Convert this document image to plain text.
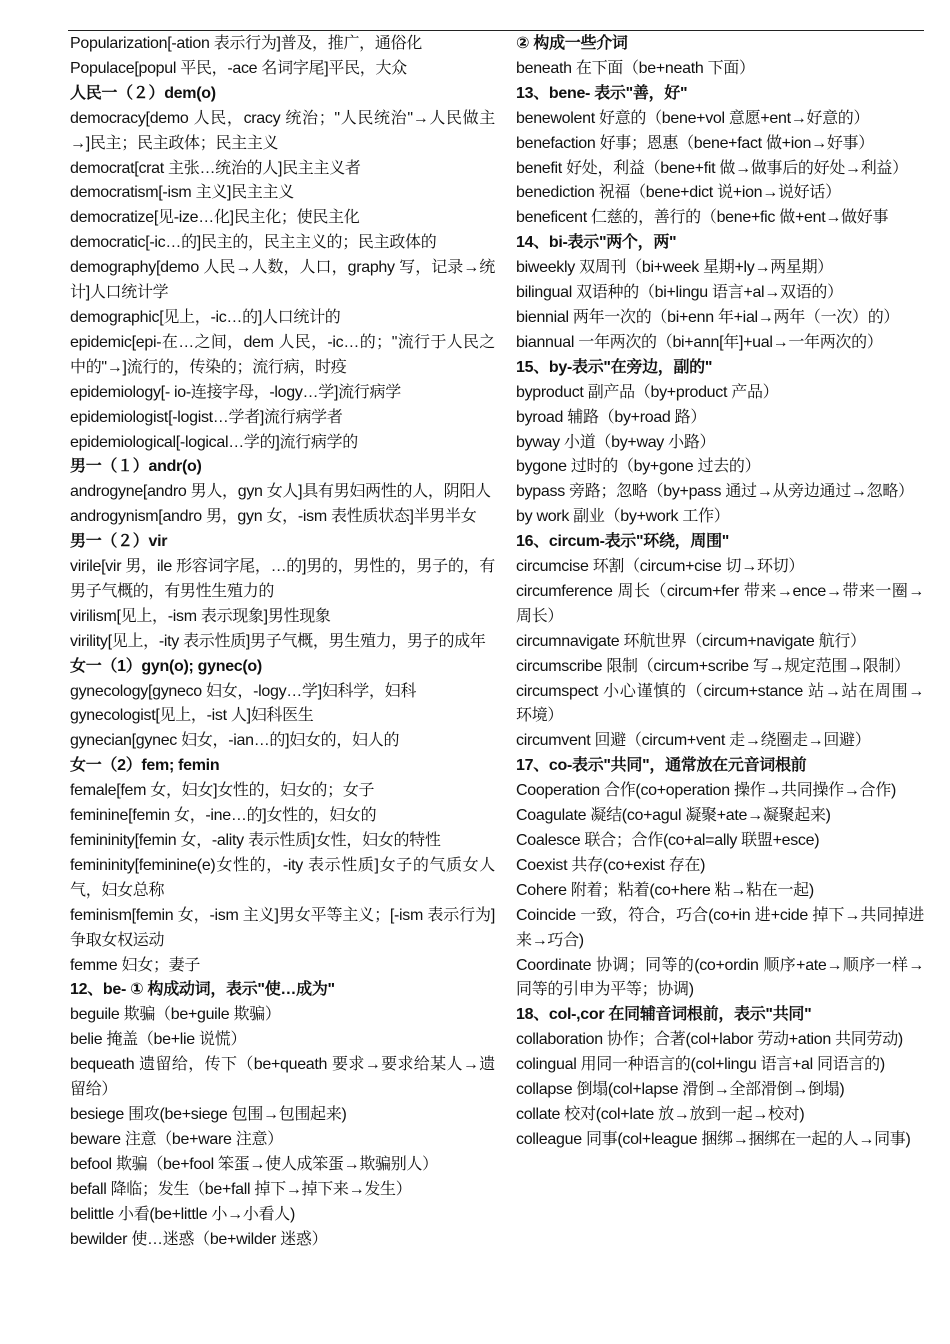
Popularization[-ation 表示行为]普及，推广，通俗化
Populace[popul 平民，-ace 名词字尾]平民，大众
人民一（２）dem(o)
democracy[demo 人民，cracy 统治；"人民统治"→人民做主→]民主；民主政体；民主主义
democrat[crat 主张…统治的人]民主主义者
democratism[-ism 主义]民主主义
democratize[见-ize…化]民主化；使民主化
democratic[-ic…的]民主的，民主主义的；民主政体的
demography[demo 人民→人数，人口，graphy 写，记录→统计]人口统计学
demographic[见上，-ic…的]人口统计的
epidemic[epi-在…之间，dem 人民，-ic…的；"流行于人民之中的"→]流行的，传染的；流行病，时疫
epidemiology[- io-连接字母，-logy…学]流行病学
epidemiologist[-logist…学者]流行病学者
epidemiological[-logical…学的]流行病学的
男一（１）andr(o)
androgyne[andro 男人，gyn 女人]具有男妇两性的人，阴阳人
androgynism[andro 男，gyn 女，-ism 表性质状态]半男半女
男一（２）vir
virile[vir 男，ile 形容词字尾，…的]男的，男性的，男子的，有男子气概的，有男性生殖力的
virilism[见上，-ism 表示现象]男性现象
virility[见上，-ity 表示性质]男子气概，男生殖力，男子的成年
女一（1）gyn(o); gynec(o)
gynecology[gyneco 妇女，-logy…学]妇科学，妇科
gynecologist[见上，-ist 人]妇科医生
gynecian[gynec 妇女，-ian…的]妇女的，妇人的
女一（2）fem; femin
female[fem 女，妇女]女性的，妇女的；女子
feminine[femin 女，-ine…的]女性的，妇女的
femininity[femin 女，-ality 表示性质]女性，妇女的特性
femininity[feminine(e)女性的，-ity 表示性质]女子的气质女人气，妇女总称
feminism[femin 女，-ism 主义]男女平等主义；[-ism 表示行为]争取女权运动
femme 妇女；妻子
12、be- ① 构成动词，表示"使…成为"
beguile 欺骗（be+guile 欺骗）
belie 掩盖（be+lie 说慌）
bequeath 遗留给，传下（be+queath 要求→要求给某人→遗留给）
besiege 围攻(be+siege 包围→包围起来)
beware 注意（be+ware 注意）
befool 欺骗（be+fool 笨蛋→使人成笨蛋→欺骗别人）
befall 降临；发生（be+fall 掉下→掉下来→发生）
belittle 小看(be+little 小→小看人)
bewilder 使…迷惑（be+wilder 迷惑）
② 构成一些介词
beneath 在下面（be+neath 下面）
13、bene- 表示"善，好"
benewolent 好意的（bene+vol 意愿+ent→好意的）
benefaction 好事；恩惠（bene+fact 做+ion→好事）
benefit 好处，利益（bene+fit 做→做事后的好处→利益）
benediction 祝福（bene+dict 说+ion→说好话）
beneficent 仁慈的，善行的（bene+fic 做+ent→做好事
14、bi-表示"两个，两"
biweekly 双周刊（bi+week 星期+ly→两星期）
bilingual 双语种的（bi+lingu 语言+al→双语的）
biennial 两年一次的（bi+enn 年+ial→两年（一次）的）
biannual 一年两次的（bi+ann[年]+ual→一年两次的）
15、by-表示"在旁边，副的"
byproduct 副产品（by+product 产品）
byroad 辅路（by+road 路）
byway 小道（by+way 小路）
bygone 过时的（by+gone 过去的）
bypass 旁路；忽略（by+pass 通过→从旁边通过→忽略）
by work 副业（by+work 工作）
16、circum-表示"环绕，周围"
circumcise 环割（circum+cise 切→环切）
circumference 周长（circum+fer 带来→ence→带来一圈→周长）
circumnavigate 环航世界（circum+navigate 航行）
circumscribe 限制（circum+scribe 写→规定范围→限制）
circumspect 小心谨慎的（circum+stance 站→站在周围→环境）
circumvent 回避（circum+vent 走→绕圈走→回避）
17、co-表示"共同"，通常放在元音词根前
Cooperation 合作(co+operation 操作→共同操作→合作)
Coagulate 凝结(co+agul 凝聚+ate→凝聚起来)
Coalesce 联合；合作(co+al=ally 联盟+esce)
Coexist 共存(co+exist 存在)
Cohere 附着；粘着(co+here 粘→粘在一起)
Coincide 一致，符合，巧合(co+in 进+cide 掉下→共同掉进来→巧合)
Coordinate 协调；同等的(co+ordin 顺序+ate→顺序一样→同等的引申为平等；协调)
18、col-,cor 在同辅音词根前，表示"共同"
collaboration 协作；合著(col+labor 劳动+ation 共同劳动)
colingual 用同一种语言的(col+lingu 语言+al 同语言的)
collapse 倒塌(col+lapse 滑倒→全部滑倒→倒塌)
collate 校对(col+late 放→放到一起→校对)
colleague 同事(col+league 捆绑→捆绑在一起的人→同事)
